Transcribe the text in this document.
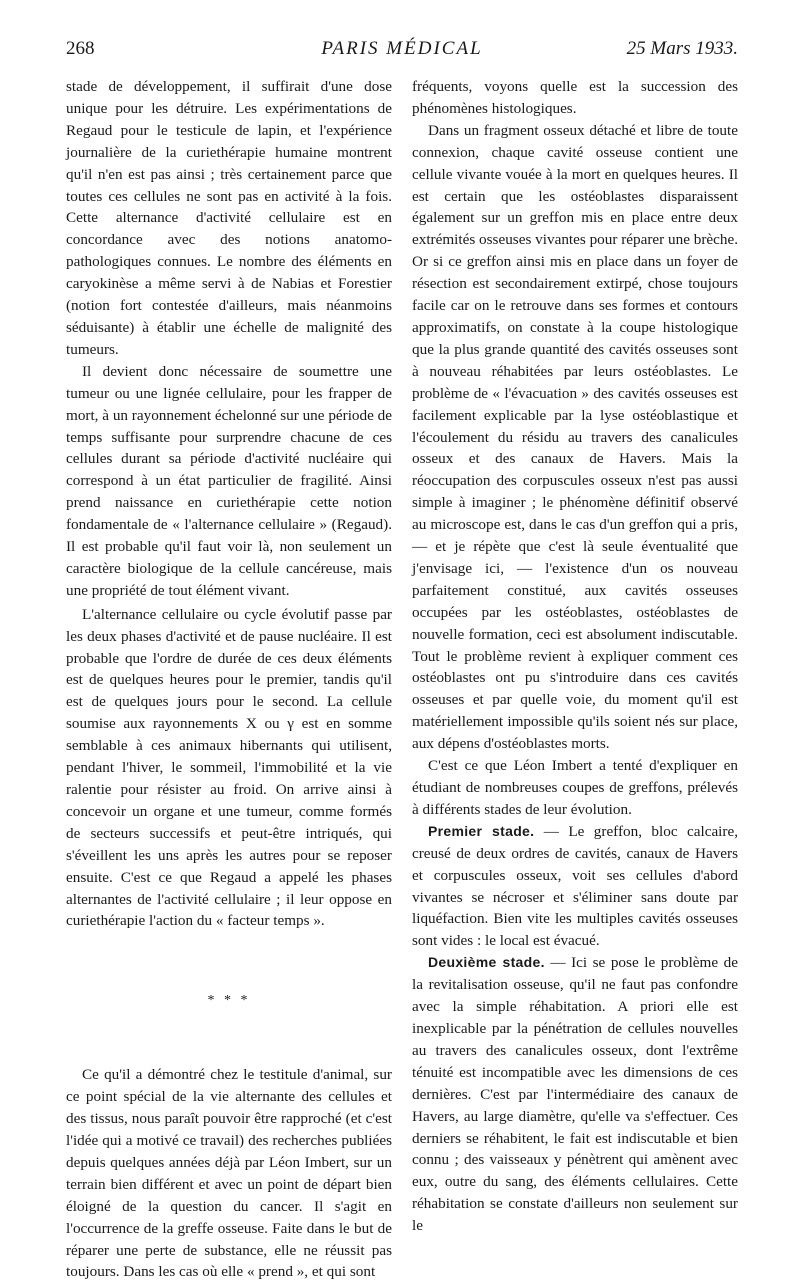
268	PARIS MÉDICAL	25 Mars 1933.

stade de développement, il suffirait d'une dose unique pour les détruire. Les expérimentations de Regaud pour le testicule de lapin, et l'expérience journalière de la curiethérapie humaine montrent qu'il n'en est pas ainsi ; très certainement parce que toutes ces cellules ne sont pas en activité à la fois. Cette alternance d'activité cellulaire est en concordance avec des notions anatomo-pathologiques connues. Le nombre des éléments en caryokinèse a même servi à de Nabias et Forestier (notion fort contestée d'ailleurs, mais néanmoins séduisante) à établir une échelle de malignité des tumeurs.

Il devient donc nécessaire de soumettre une tumeur ou une lignée cellulaire, pour les frapper de mort, à un rayonnement échelonné sur une période de temps suffisante pour surprendre chacune de ces cellules durant sa période d'activité nucléaire qui correspond à un état particulier de fragilité. Ainsi prend naissance en curiethérapie cette notion fondamentale de « l'alternance cellulaire » (Regaud). Il est probable qu'il faut voir là, non seulement un caractère biologique de la cellule cancéreuse, mais une propriété de tout élément vivant.

L'alternance cellulaire ou cycle évolutif passe par les deux phases d'activité et de pause nucléaire. Il est probable que l'ordre de durée de ces deux éléments est de quelques heures pour le premier, tandis qu'il est de quelques jours pour le second. La cellule soumise aux rayonnements X ou γ est en somme semblable à ces animaux hibernants qui utilisent, pendant l'hiver, le sommeil, l'immobilité et la vie ralentie pour résister au froid. On arrive ainsi à concevoir un organe et une tumeur, comme formés de secteurs successifs et peut-être intriqués, qui s'éveillent les uns après les autres pour se reposer ensuite. C'est ce que Regaud a appelé les phases alternantes de l'activité cellulaire ; il leur oppose en curiethérapie l'action du « facteur temps ».

* * *

Ce qu'il a démontré chez le testitule d'animal, sur ce point spécial de la vie alternante des cellules et des tissus, nous paraît pouvoir être rapproché (et c'est l'idée qui a motivé ce travail) des recherches publiées depuis quelques années déjà par Léon Imbert, sur un terrain bien différent et avec un point de départ bien éloigné de la question du cancer. Il s'agit en l'occurrence de la greffe osseuse. Faite dans le but de réparer une perte de substance, elle ne réussit pas toujours. Dans les cas où elle « prend », et qui sont

fréquents, voyons quelle est la succession des phénomènes histologiques.

Dans un fragment osseux détaché et libre de toute connexion, chaque cavité osseuse contient une cellule vivante vouée à la mort en quelques heures. Il est certain que les ostéoblastes disparaissent également sur un greffon mis en place entre deux extrémités osseuses vivantes pour réparer une brèche. Or si ce greffon ainsi mis en place dans un foyer de résection est secondairement extirpé, chose toujours facile car on le retrouve dans ses formes et contours approximatifs, on constate à la coupe histologique que la plus grande quantité des cavités osseuses sont à nouveau réhabitées par leurs ostéoblastes. Le problème de « l'évacuation » des cavités osseuses est facilement explicable par la lyse ostéoblastique et l'écoulement du résidu au travers des canalicules osseux et des canaux de Havers. Mais la réoccupation des corpuscules osseux n'est pas aussi simple à imaginer ; le phénomène définitif observé au microscope est, dans le cas d'un greffon qui a pris, — et je répète que c'est là seule éventualité que j'envisage ici, — l'existence d'un os nouveau parfaitement constitué, aux cavités osseuses occupées par les ostéoblastes, ostéoblastes de nouvelle formation, ceci est absolument indiscutable. Tout le problème revient à expliquer comment ces ostéoblastes ont pu s'introduire dans ces cavités osseuses et par quelle voie, du moment qu'il est matériellement impossible qu'ils soient nés sur place, aux dépens d'ostéoblastes morts.

C'est ce que Léon Imbert a tenté d'expliquer en étudiant de nombreuses coupes de greffons, prélevés à différents stades de leur évolution.

Premier stade. — Le greffon, bloc calcaire, creusé de deux ordres de cavités, canaux de Havers et corpuscules osseux, voit ses cellules d'abord vivantes se nécroser et s'éliminer sans doute par liquéfaction. Bien vite les multiples cavités osseuses sont vides : le local est évacué.

Deuxième stade. — Ici se pose le problème de la revitalisation osseuse, qu'il ne faut pas confondre avec la simple réhabitation. A priori elle est inexplicable par la pénétration de cellules nouvelles au travers des canalicules osseux, dont l'extrême ténuité est incompatible avec les dimensions de ces dernières. C'est par l'intermédiaire des canaux de Havers, au large diamètre, qu'elle va s'effectuer. Ces derniers se réhabitent, le fait est indiscutable et bien connu ; des vaisseaux y pénètrent qui amènent avec eux, outre du sang, des éléments cellulaires. Cette réhabitation se constate d'ailleurs non seulement sur le
